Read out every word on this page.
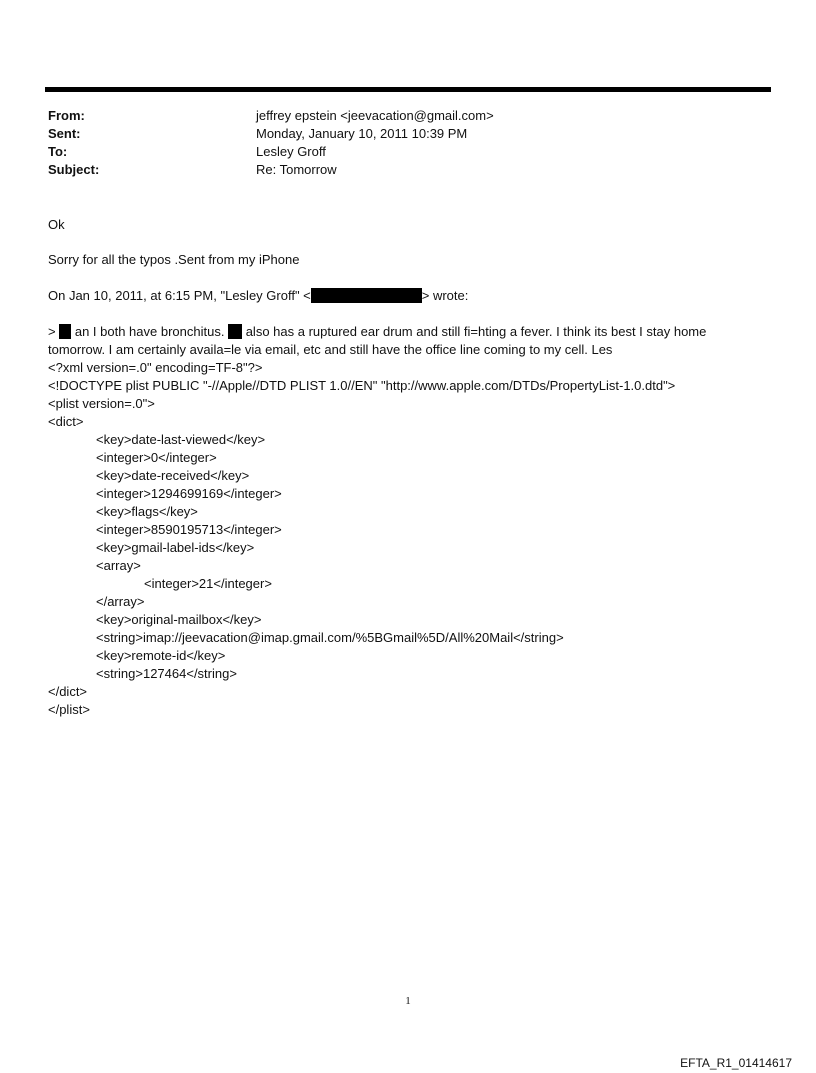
From:	jeffrey epstein <jeevacation@gmail.com>
Sent:	Monday, January 10, 2011 10:39 PM
To:	Lesley Groff
Subject:	Re: Tomorrow
Ok
Sorry for all the typos .Sent from my iPhone
On Jan 10, 2011, at 6:15 PM, "Lesley Groff" <	> wrote:
> an I both have bronchitus. also has a ruptured ear drum and still fi=hting a fever. I think its best I stay home
tomorrow. I am certainly availa=le via email, etc and still have the office line coming to my cell. Les
<?xml version=.0" encoding=TF-8"?>
<!DOCTYPE plist PUBLIC "-//Apple//DTD PLIST 1.0//EN" "http://www.apple.com/DTDs/PropertyList-1.0.dtd">
<plist version=.0">
<dict>
<key>date-last-viewed</key>
<integer>0</integer>
<key>date-received</key>
<integer>1294699169</integer>
<key>flags</key>
<integer>8590195713</integer>
<key>gmail-label-ids</key>
<array>
<integer>21</integer>
</array>
<key>original-mailbox</key>
<string>imap://jeevacation@imap.gmail.com/%5BGmail%5D/All%20Mail</string>
<key>remote-id</key>
<string>127464</string>
</dict>
</plist>
1
EFTA_R1_01414617
